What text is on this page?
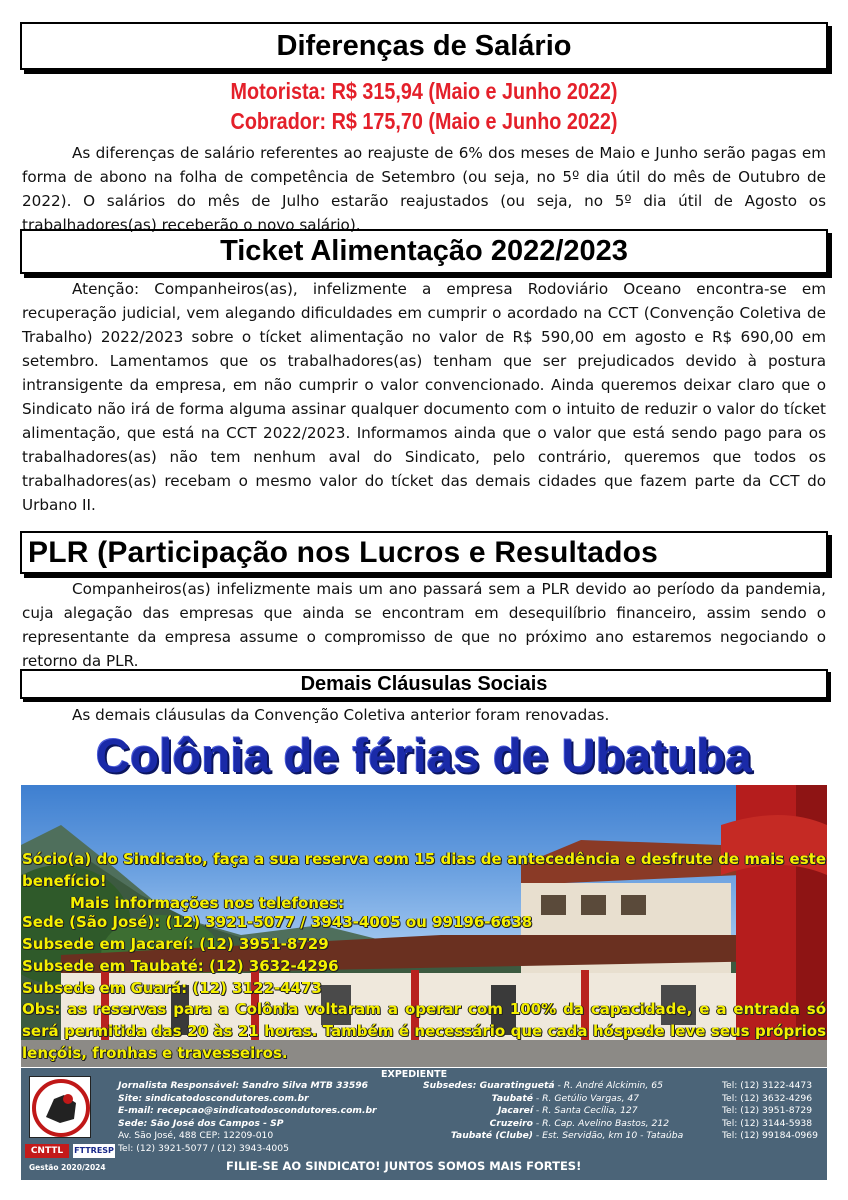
Diferenças de Salário
Motorista: R$ 315,94 (Maio e Junho 2022)
Cobrador: R$ 175,70 (Maio e Junho 2022)
As diferenças de salário referentes ao reajuste de 6% dos meses de Maio e Junho serão pagas em forma de abono na folha de competência de Setembro (ou seja, no 5º dia útil do mês de Outubro de 2022). O salários do mês de Julho estarão reajustados (ou seja, no 5º dia útil de Agosto os trabalhadores(as) receberão o novo salário).
Ticket Alimentação 2022/2023
Atenção: Companheiros(as), infelizmente a empresa Rodoviário Oceano encontra-se em recuperação judicial, vem alegando dificuldades em cumprir o acordado na CCT (Convenção Coletiva de Trabalho) 2022/2023 sobre o tícket alimentação no valor de R$ 590,00 em agosto e R$ 690,00 em setembro. Lamentamos que os trabalhadores(as) tenham que ser prejudicados devido à postura intransigente da empresa, em não cumprir o valor convencionado. Ainda queremos deixar claro que o Sindicato não irá de forma alguma assinar qualquer documento com o intuito de reduzir o valor do tícket alimentação, que está na CCT 2022/2023. Informamos ainda que o valor que está sendo pago para os trabalhadores(as) não tem nenhum aval do Sindicato, pelo contrário, queremos que todos os trabalhadores(as) recebam o mesmo valor do tícket das demais cidades que fazem parte da CCT do Urbano II.
PLR (Participação nos Lucros e Resultados
Companheiros(as) infelizmente mais um ano passará sem a PLR devido ao período da pandemia, cuja alegação das empresas que ainda se encontram em desequilíbrio financeiro, assim sendo o representante da empresa assume o compromisso de que no próximo ano estaremos negociando o retorno da PLR.
Demais Cláusulas Sociais
As demais cláusulas da Convenção Coletiva anterior foram renovadas.
Colônia de férias de Ubatuba
Sócio(a) do Sindicato, faça a sua reserva com 15 dias de antecedência e desfrute de mais este benefício!
Mais informações nos telefones:
Sede (São José): (12) 3921-5077 / 3943-4005 ou 99196-6638
Subsede em Jacareí: (12) 3951-8729
Subsede em Taubaté: (12) 3632-4296
Subsede em Guará: (12) 3122-4473
Obs: as reservas para a Colônia voltaram a operar com 100% da capacidade, e a entrada só será permitida das 20 às 21 horas. Também é necessário que cada hóspede leve seus próprios lençóis, fronhas e travesseiros.
CNTTL	FTTRESP
Gestão 2020/2024
EXPEDIENTE
Jornalista Responsável: Sandro Silva MTB 33596
Site: sindicatodoscondutores.com.br
E-mail: recepcao@sindicatodoscondutores.com.br
Sede: São José dos Campos - SP
Av. São José, 488 CEP: 12209-010
Tel: (12) 3921-5077 / (12) 3943-4005
Subsedes: Guaratinguetá - R. André Alckimin, 65	Tel: (12) 3122-4473
Taubaté - R. Getúlio Vargas, 47	Tel: (12) 3632-4296
Jacareí - R. Santa Cecília, 127	Tel: (12) 3951-8729
Cruzeiro - R. Cap. Avelino Bastos, 212	Tel: (12) 3144-5938
Taubaté (Clube) - Est. Servidão, km 10 - Tataúba	Tel: (12) 99184-0969
FILIE-SE AO SINDICATO! JUNTOS SOMOS MAIS FORTES!
